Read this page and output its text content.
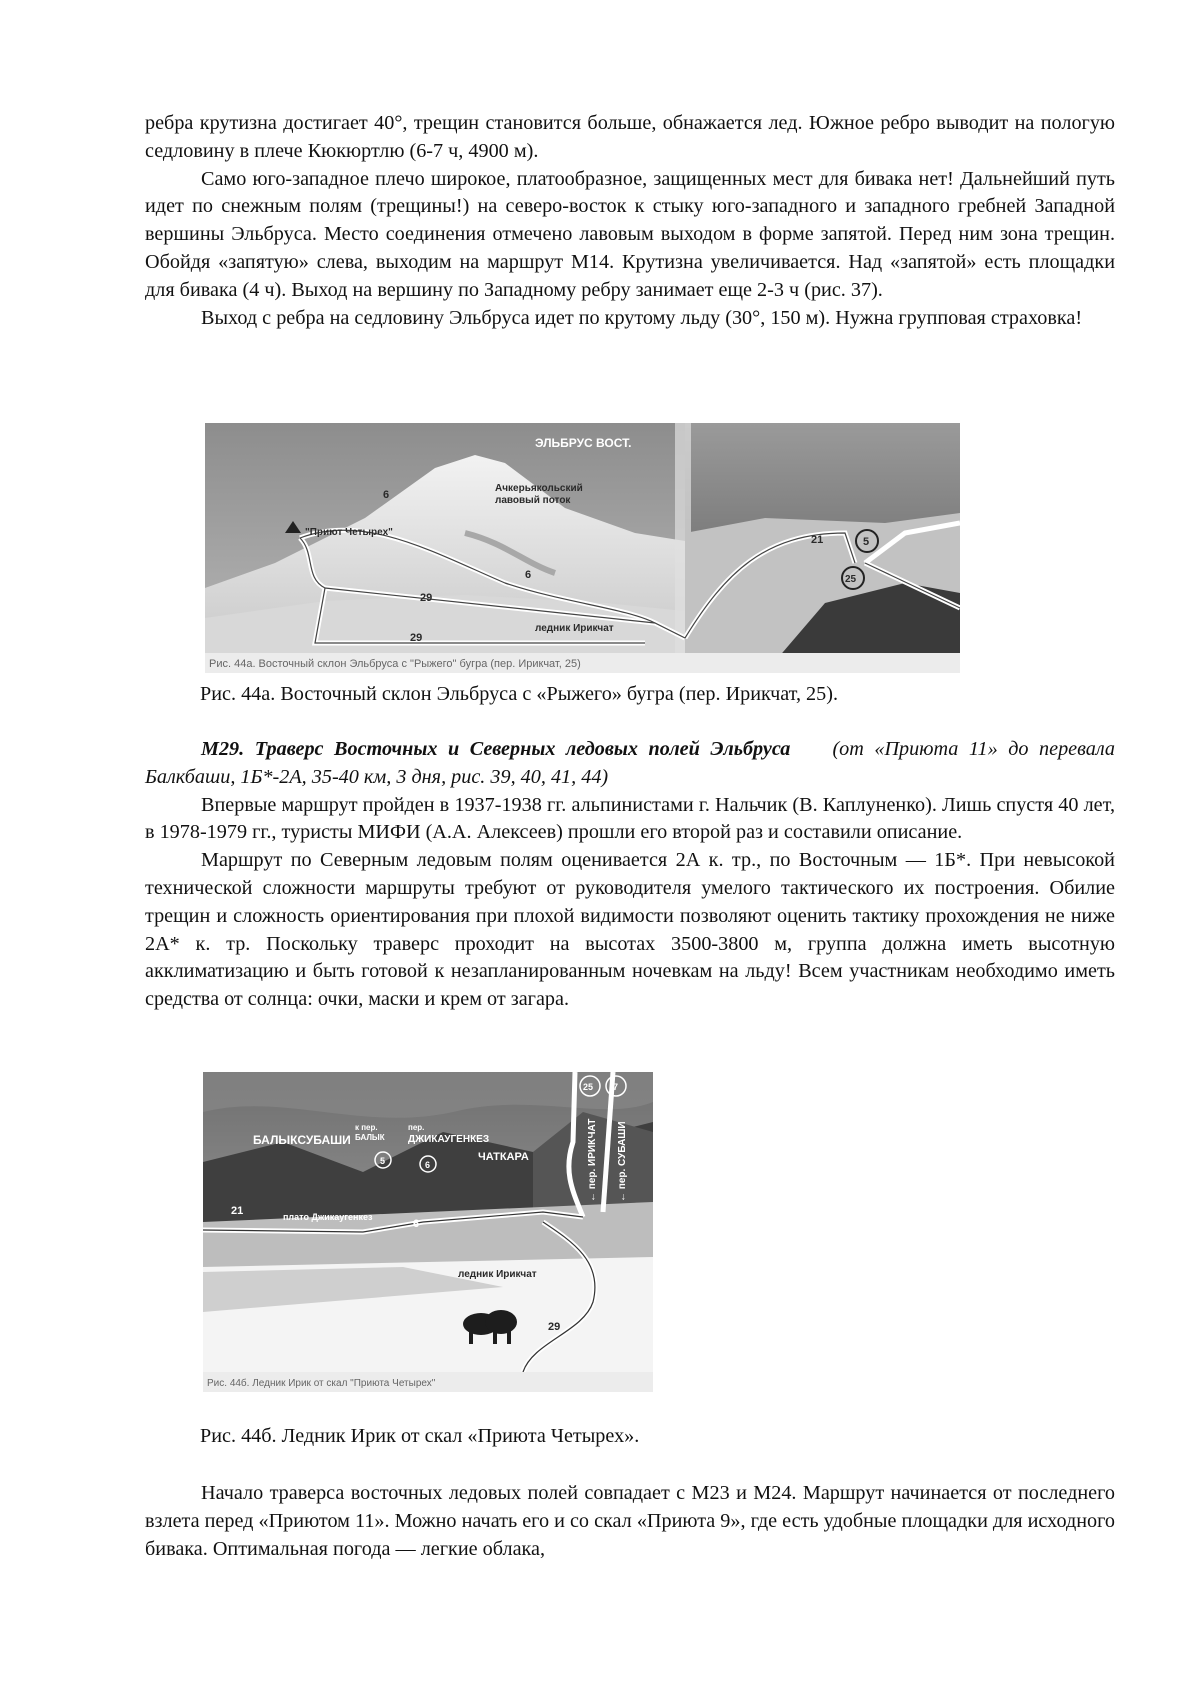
ребра крутизна достигает 40°, трещин становится больше, обнажается лед. Южное ребро выводит на пологую седловину в плече Кюкюртлю (6-7 ч, 4900 м).

Само юго-западное плечо широкое, платообразное, защищенных мест для бивака нет! Дальнейший путь идет по снежным полям (трещины!) на северо-восток к стыку юго-западного и западного гребней Западной вершины Эльбруса. Место соединения отмечено лавовым выходом в форме запятой. Перед ним зона трещин. Обойдя «запятую» слева, выходим на маршрут М14. Крутизна увеличивается. Над «запятой» есть площадки для бивака (4 ч). Выход на вершину по Западному ребру занимает еще 2-3 ч (рис. 37).

Выход с ребра на седловину Эльбруса идет по крутому льду (30°, 150 м). Нужна групповая страховка!

ЭЛЬБРУС ВОСТ.
Ачкерьякольский
лавовый поток
"Приют Четырех"
ледник Ирикчат
6
6
29
29
21	5
25
Рис. 44а. Восточный склон Эльбруса с "Рыжего" бугра (пер. Ирикчат, 25)

Рис. 44а. Восточный склон Эльбруса с «Рыжего» бугра (пер. Ирикчат, 25).

М29. Траверс Восточных и Северных ледовых полей Эльбруса (от «Приюта 11» до перевала Балкбаши, 1Б*-2А, 35-40 км, 3 дня, рис. 39, 40, 41, 44)

Впервые маршрут пройден в 1937-1938 гг. альпинистами г. Нальчик (В. Каплуненко). Лишь спустя 40 лет, в 1978-1979 гг., туристы МИФИ (А.А. Алексеев) прошли его второй раз и составили описание.

Маршрут по Северным ледовым полям оценивается 2А к. тр., по Восточным — 1Б*. При невысокой технической сложности маршруты требуют от руководителя умелого тактического их построения. Обилие трещин и сложность ориентирования при плохой видимости позволяют оценить тактику прохождения не ниже 2А* к. тр. Поскольку траверс проходит на высотах 3500-3800 м, группа должна иметь высотную акклиматизацию и быть готовой к незапланированным ночевкам на льду! Всем участникам необходимо иметь средства от солнца: очки, маски и крем от загара.

БАЛЫКСУБАШИ
к пер.
БАЛЫК
пер.
ДЖИКАУГЕНКЕЗ
ЧАТКАРА	← пер. ИРИКЧАТ ← пер. СУБАШИ
плато Джикаугенкез
ледник Ирикчат
21
6
29
5	6
25 7
Рис. 44б. Ледник Ирик от скал "Приюта Четырех"

Рис. 44б. Ледник Ирик от скал «Приюта Четырех».

Начало траверса восточных ледовых полей совпадает с М23 и М24. Маршрут начинается от последнего взлета перед «Приютом 11». Можно начать его и со скал «Приюта 9», где есть удобные площадки для исходного бивака. Оптимальная погода — легкие облака,
